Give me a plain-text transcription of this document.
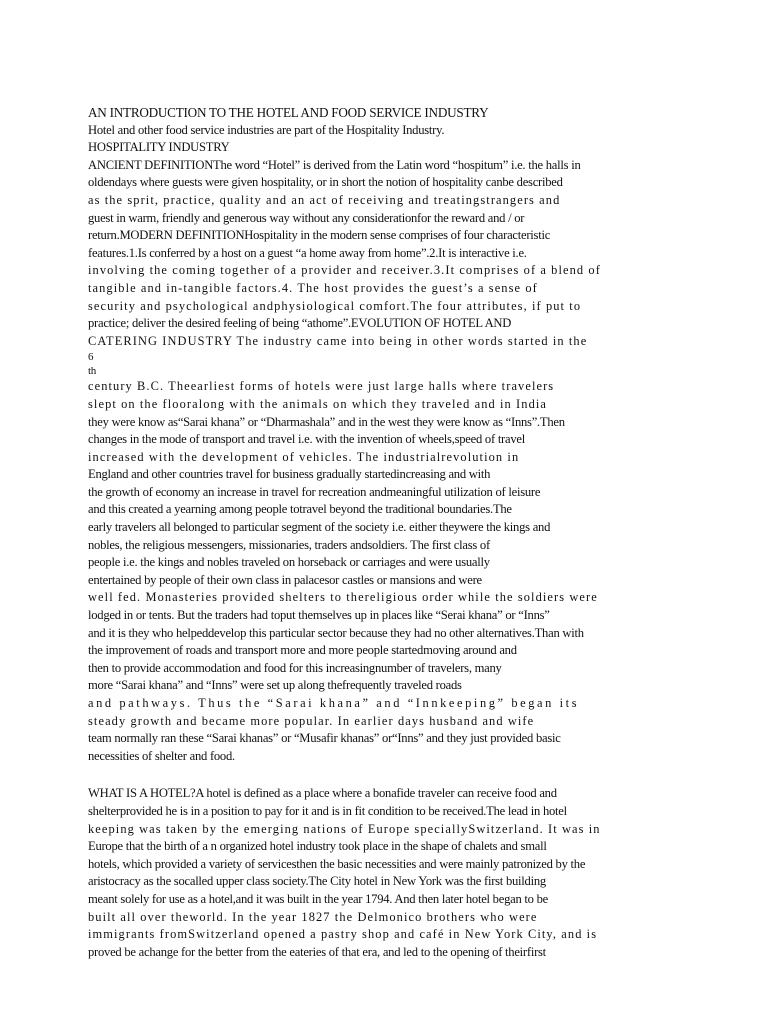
AN INTRODUCTION TO THE HOTEL AND FOOD SERVICE INDUSTRY
Hotel and other food service industries are part of the Hospitality Industry.
HOSPITALITY INDUSTRY
ANCIENT DEFINITIONThe word “Hotel” is derived from the Latin word “hospitum” i.e. the halls in
oldendays where guests were given hospitality, or in short the notion of hospitality canbe described
as the sprit, practice, quality and an act of receiving and treatingstrangers and
guest in warm, friendly and generous way without any considerationfor the reward and / or
return.MODERN DEFINITIONHospitality in the modern sense comprises of four characteristic
features.1.Is conferred by a host on a guest “a home away from home”.2.It is interactive i.e.
involving the coming together of a provider and receiver.3.It comprises of a blend of
tangible and in-tangible factors.4. The host provides the guest’s a sense of
security and psychological andphysiological comfort.The four attributes, if put to
practice; deliver the desired feeling of being “athome”.EVOLUTION OF HOTEL AND
CATERING INDUSTRY The industry came into being in other words started in the
6
th
century B.C. Theearliest forms of hotels were just large halls where travelers
slept on the flooralong with the animals on which they traveled and in India
they were know as“Sarai khana” or “Dharmashala” and in the west they were know as “Inns”.Then
changes in the mode of transport and travel i.e. with the invention of wheels,speed of travel
increased with the development of vehicles. The industrialrevolution in
England and other countries travel for business gradually startedincreasing and with
the growth of economy an increase in travel for recreation andmeaningful utilization of leisure
and this created a yearning among people totravel beyond the traditional boundaries.The
early travelers all belonged to particular segment of the society i.e. either theywere the kings and
nobles, the religious messengers, missionaries, traders andsoldiers. The first class of
people i.e. the kings and nobles traveled on horseback or carriages and were usually
entertained by people of their own class in palacesor castles or mansions and were
well fed. Monasteries provided shelters to thereligious order while the soldiers were
lodged in or tents. But the traders had toput themselves up in places like “Serai khana” or “Inns”
and it is they who helpeddevelop this particular sector because they had no other alternatives.Than with
the improvement of roads and transport more and more people startedmoving around and
then to provide accommodation and food for this increasingnumber of travelers, many
more “Sarai khana” and “Inns” were set up along thefrequently traveled roads
and pathways. Thus the “Sarai khana” and “Innkeeping” began its
steady growth and became more popular. In earlier days husband and wife
team normally ran these “Sarai khanas” or “Musafir khanas” or“Inns” and they just provided basic
necessities of shelter and food.
WHAT IS A HOTEL?A hotel is defined as a place where a bonafide traveler can receive food and
shelterprovided he is in a position to pay for it and is in fit condition to be received.The lead in hotel
keeping was taken by the emerging nations of Europe speciallySwitzerland. It was in
Europe that the birth of a n organized hotel industry took place in the shape of chalets and small
hotels, which provided a variety of servicesthen the basic necessities and were mainly patronized by the
aristocracy as the socalled upper class society.The City hotel in New York was the first building
meant solely for use as a hotel,and it was built in the year 1794. And then later hotel began to be
built all over theworld. In the year 1827 the Delmonico brothers who were
immigrants fromSwitzerland opened a pastry shop and café in New York City, and is
proved be achange for the better from the eateries of that era, and led to the opening of theirfirst
